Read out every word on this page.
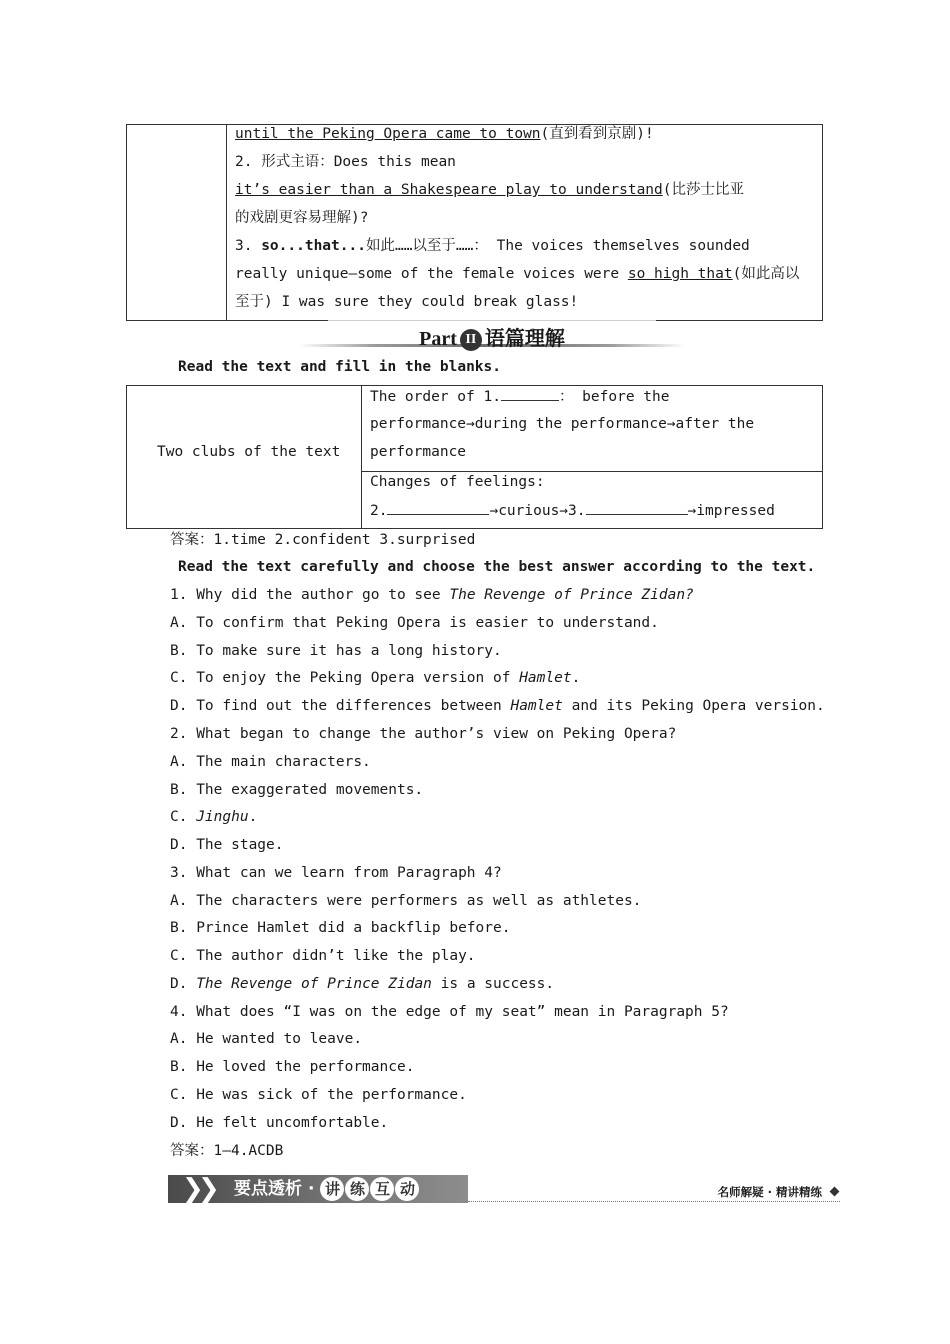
until the Peking Opera came to town(直到看到京剧)!
2. 形式主语：Does this mean
it’s easier than a Shakespeare play to understand(比莎士比亚
的戏剧更容易理解)?
3. so...that...如此……以至于……： The voices themselves sounded
really unique—some of the female voices were so high that(如此高以
至于) I was sure they could break glass!
Part II 语篇理解
Read the text and fill in the blanks.
Two clubs of the text
The order of 1.	： before the
performance→during the performance→after the
performance
Changes of feelings:
2.	→curious→3.	→impressed
答案：1.time 2.confident 3.surprised
Read the text carefully and choose the best answer according to the text.
1. Why did the author go to see The Revenge of Prince Zidan?
A. To confirm that Peking Opera is easier to understand.
B. To make sure it has a long history.
C. To enjoy the Peking Opera version of Hamlet.
D. To find out the differences between Hamlet and its Peking Opera version.
2. What began to change the author’s view on Peking Opera?
A. The main characters.
B. The exaggerated movements.
C. Jinghu.
D. The stage.
3. What can we learn from Paragraph 4?
A. The characters were performers as well as athletes.
B. Prince Hamlet did a backflip before.
C. The author didn’t like the play.
D. The Revenge of Prince Zidan is a success.
4. What does “I was on the edge of my seat” mean in Paragraph 5?
A. He wanted to leave.
B. He loved the performance.
C. He was sick of the performance.
D. He felt uncomfortable.
答案：1—4.ACDB
❯
❯ 要点透析 · 讲 练 互 动	名师解疑 · 精讲精练
